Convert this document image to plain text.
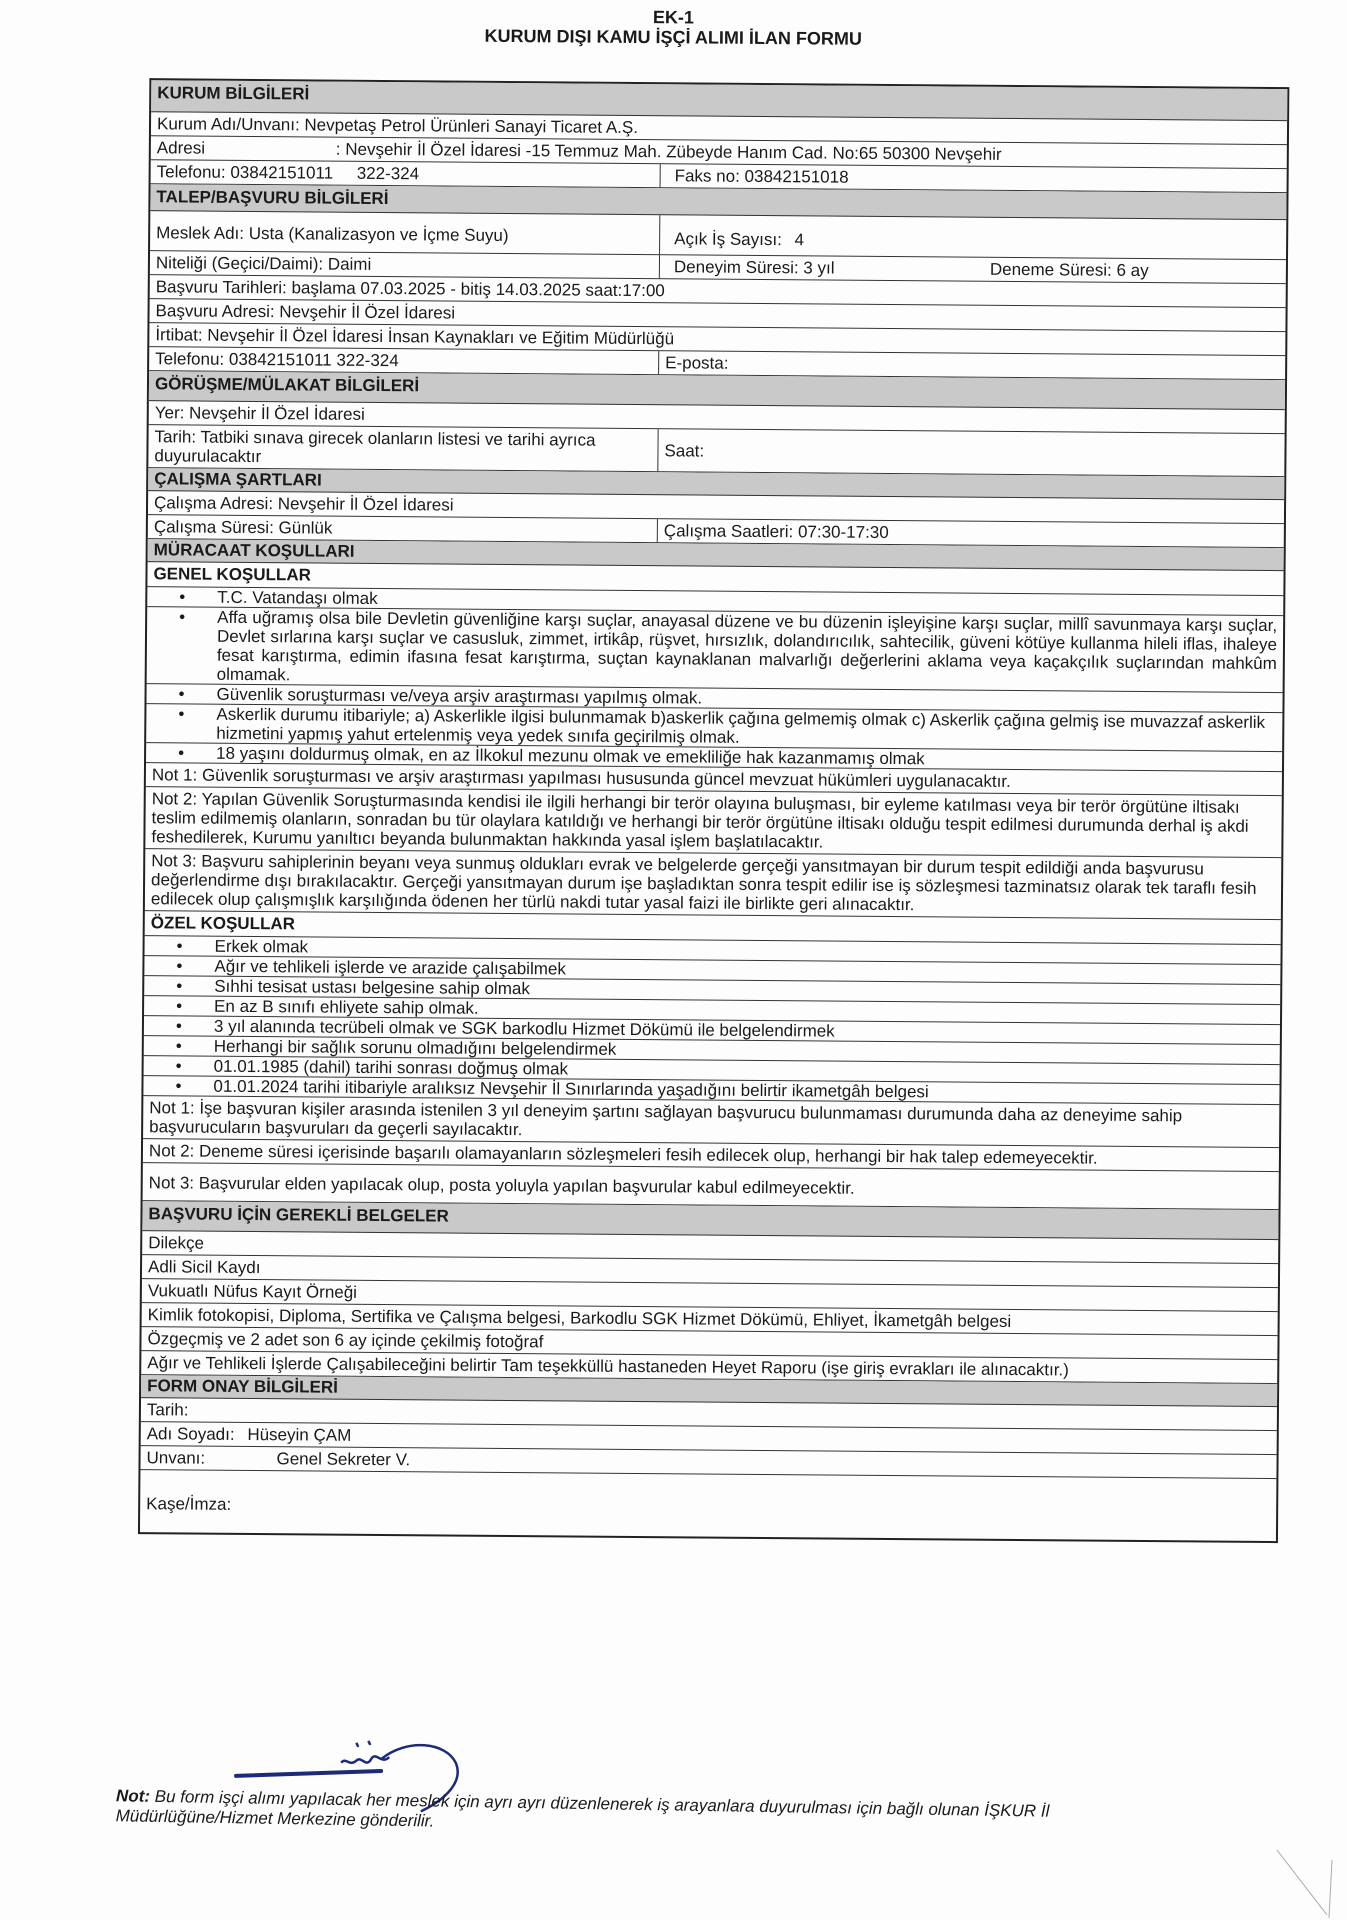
EK-1
KURUM DIŞI KAMU İŞÇİ ALIMI İLAN FORMU
KURUM BİLGİLERİ
Kurum Adı/Unvanı: Nevpetaş Petrol Ürünleri Sanayi Ticaret A.Ş.
Adresi	: Nevşehir İl Özel İdaresi -15 Temmuz Mah. Zübeyde Hanım Cad. No:65 50300 Nevşehir
Telefonu: 03842151011     322-324	Faks no: 03842151018
TALEP/BAŞVURU BİLGİLERİ
Meslek Adı: Usta (Kanalizasyon ve İçme Suyu)	Açık İş Sayısı: 4
Niteliği (Geçici/Daimi): Daimi	Deneyim Süresi: 3 yıl	Deneme Süresi: 6 ay
Başvuru Tarihleri: başlama 07.03.2025 - bitiş 14.03.2025 saat:17:00
Başvuru Adresi: Nevşehir İl Özel İdaresi
İrtibat: Nevşehir İl Özel İdaresi İnsan Kaynakları ve Eğitim Müdürlüğü
Telefonu: 03842151011 322-324	E-posta:
GÖRÜŞME/MÜLAKAT BİLGİLERİ
Yer: Nevşehir İl Özel İdaresi
Tarih: Tatbiki sınava girecek olanların listesi ve tarihi ayrıca duyurulacaktır	Saat:
ÇALIŞMA ŞARTLARI
Çalışma Adresi: Nevşehir İl Özel İdaresi
Çalışma Süresi: Günlük	Çalışma Saatleri: 07:30-17:30
MÜRACAAT KOŞULLARI
GENEL KOŞULLAR
•	T.C. Vatandaşı olmak
•	Affa uğramış olsa bile Devletin güvenliğine karşı suçlar, anayasal düzene ve bu düzenin işleyişine karşı suçlar, millî savunmaya karşı suçlar, Devlet sırlarına karşı suçlar ve casusluk, zimmet, irtikâp, rüşvet, hırsızlık, dolandırıcılık, sahtecilik, güveni kötüye kullanma hileli iflas, ihaleye fesat karıştırma, edimin ifasına fesat karıştırma, suçtan kaynaklanan malvarlığı değerlerini aklama veya kaçakçılık suçlarından mahkûm olmamak.
•	Güvenlik soruşturması ve/veya arşiv araştırması yapılmış olmak.
•	Askerlik durumu itibariyle; a) Askerlikle ilgisi bulunmamak b)askerlik çağına gelmemiş olmak c) Askerlik çağına gelmiş ise muvazzaf askerlik hizmetini yapmış yahut ertelenmiş veya yedek sınıfa geçirilmiş olmak.
•	18 yaşını doldurmuş olmak, en az İlkokul mezunu olmak ve emekliliğe hak kazanmamış olmak
Not 1: Güvenlik soruşturması ve arşiv araştırması yapılması hususunda güncel mevzuat hükümleri uygulanacaktır.
Not 2: Yapılan Güvenlik Soruşturmasında kendisi ile ilgili herhangi bir terör olayına buluşması, bir eyleme katılması veya bir terör örgütüne iltisakı teslim edilmemiş olanların, sonradan bu tür olaylara katıldığı ve herhangi bir terör örgütüne iltisakı olduğu tespit edilmesi durumunda derhal iş akdi feshedilerek, Kurumu yanıltıcı beyanda bulunmaktan hakkında yasal işlem başlatılacaktır.
Not 3: Başvuru sahiplerinin beyanı veya sunmuş oldukları evrak ve belgelerde gerçeği yansıtmayan bir durum tespit edildiği anda başvurusu değerlendirme dışı bırakılacaktır. Gerçeği yansıtmayan durum işe başladıktan sonra tespit edilir ise iş sözleşmesi tazminatsız olarak tek taraflı fesih edilecek olup çalışmışlık karşılığında ödenen her türlü nakdi tutar yasal faizi ile birlikte geri alınacaktır.
ÖZEL KOŞULLAR
•	Erkek olmak
•	Ağır ve tehlikeli işlerde ve arazide çalışabilmek
•	Sıhhi tesisat ustası belgesine sahip olmak
•	En az B sınıfı ehliyete sahip olmak.
•	3 yıl alanında tecrübeli olmak ve SGK barkodlu Hizmet Dökümü ile belgelendirmek
•	Herhangi bir sağlık sorunu olmadığını belgelendirmek
•	01.01.1985 (dahil) tarihi sonrası doğmuş olmak
•	01.01.2024 tarihi itibariyle aralıksız Nevşehir İl Sınırlarında yaşadığını belirtir ikametgâh belgesi
Not 1: İşe başvuran kişiler arasında istenilen 3 yıl deneyim şartını sağlayan başvurucu bulunmaması durumunda daha az deneyime sahip başvurucuların başvuruları da geçerli sayılacaktır.
Not 2: Deneme süresi içerisinde başarılı olamayanların sözleşmeleri fesih edilecek olup, herhangi bir hak talep edemeyecektir.
Not 3: Başvurular elden yapılacak olup, posta yoluyla yapılan başvurular kabul edilmeyecektir.
BAŞVURU İÇİN GEREKLİ BELGELER
Dilekçe
Adli Sicil Kaydı
Vukuatlı Nüfus Kayıt Örneği
Kimlik fotokopisi, Diploma, Sertifika ve Çalışma belgesi, Barkodlu SGK Hizmet Dökümü, Ehliyet, İkametgâh belgesi
Özgeçmiş ve 2 adet son 6 ay içinde çekilmiş fotoğraf
Ağır ve Tehlikeli İşlerde Çalışabileceğini belirtir Tam teşekküllü hastaneden Heyet Raporu (işe giriş evrakları ile alınacaktır.)
FORM ONAY BİLGİLERİ
Tarih:
Adı Soyadı: Hüseyin ÇAM
Unvanı:	Genel Sekreter V.
Kaşe/İmza:
Not: Bu form işçi alımı yapılacak her meslek için ayrı ayrı düzenlenerek iş arayanlara duyurulması için bağlı olunan İŞKUR İl Müdürlüğüne/Hizmet Merkezine gönderilir.
